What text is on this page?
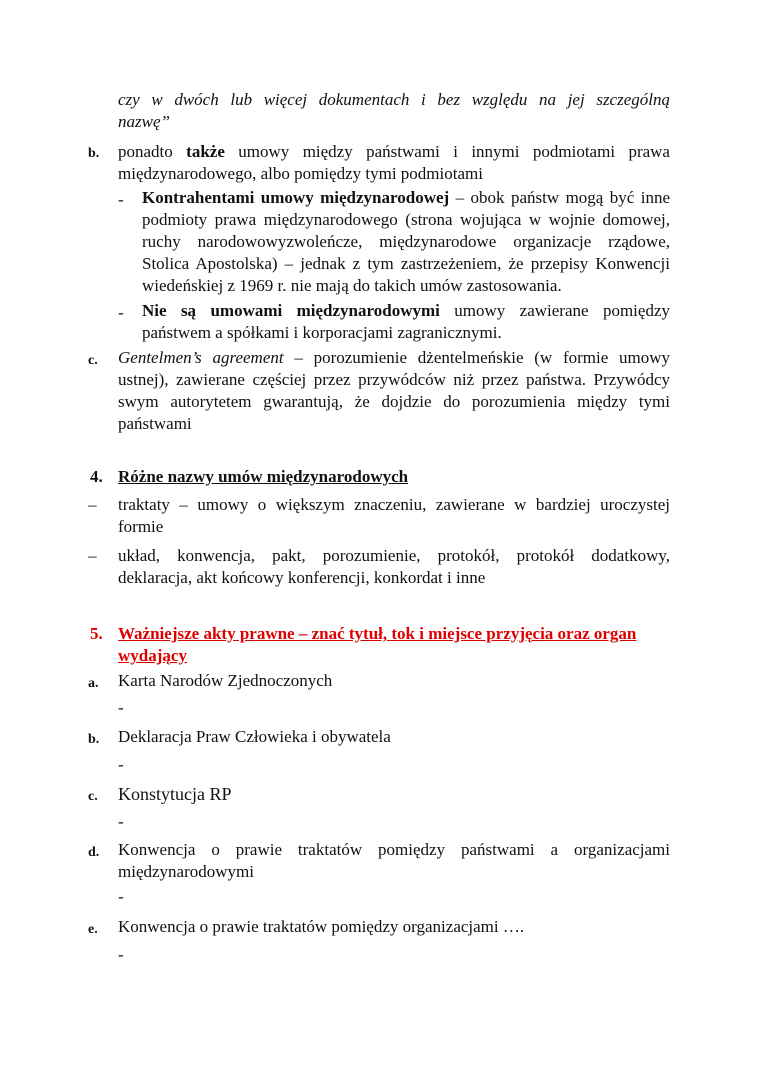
czy w dwóch lub więcej dokumentach i bez względu na jej szczególną
nazwę”
b. ponadto także umowy między państwami i innymi podmiotami prawa międzynarodowego, albo pomiędzy tymi podmiotami
- Kontrahentami umowy międzynarodowej – obok państw mogą być inne podmioty prawa międzynarodowego (strona wojująca w wojnie domowej, ruchy narodowowyzwoleńcze, międzynarodowe organizacje rządowe, Stolica Apostolska) – jednak z tym zastrzeżeniem, że przepisy Konwencji wiedeńskiej z 1969 r. nie mają do takich umów zastosowania.
- Nie są umowami międzynarodowymi umowy zawierane pomiędzy państwem a spółkami i korporacjami zagranicznymi.
c. Gentelmen’s agreement – porozumienie dżentelmeńskie (w formie umowy ustnej), zawierane częściej przez przywódców niż przez państwa. Przywódcy swym autorytetem gwarantują, że dojdzie do porozumienia między tymi państwami
4. Różne nazwy umów międzynarodowych
– traktaty – umowy o większym znaczeniu, zawierane w bardziej uroczystej formie
– układ, konwencja, pakt, porozumienie, protokół, protokół dodatkowy, deklaracja, akt końcowy konferencji, konkordat i inne
5. Ważniejsze akty prawne – znać tytuł, tok i miejsce przyjęcia oraz organ wydający
a. Karta Narodów Zjednoczonych
-
b. Deklaracja Praw Człowieka i obywatela
-
c. Konstytucja RP
-
d. Konwencja o prawie traktatów pomiędzy państwami a organizacjami międzynarodowymi
-
e. Konwencja o prawie traktatów pomiędzy organizacjami ….
-
